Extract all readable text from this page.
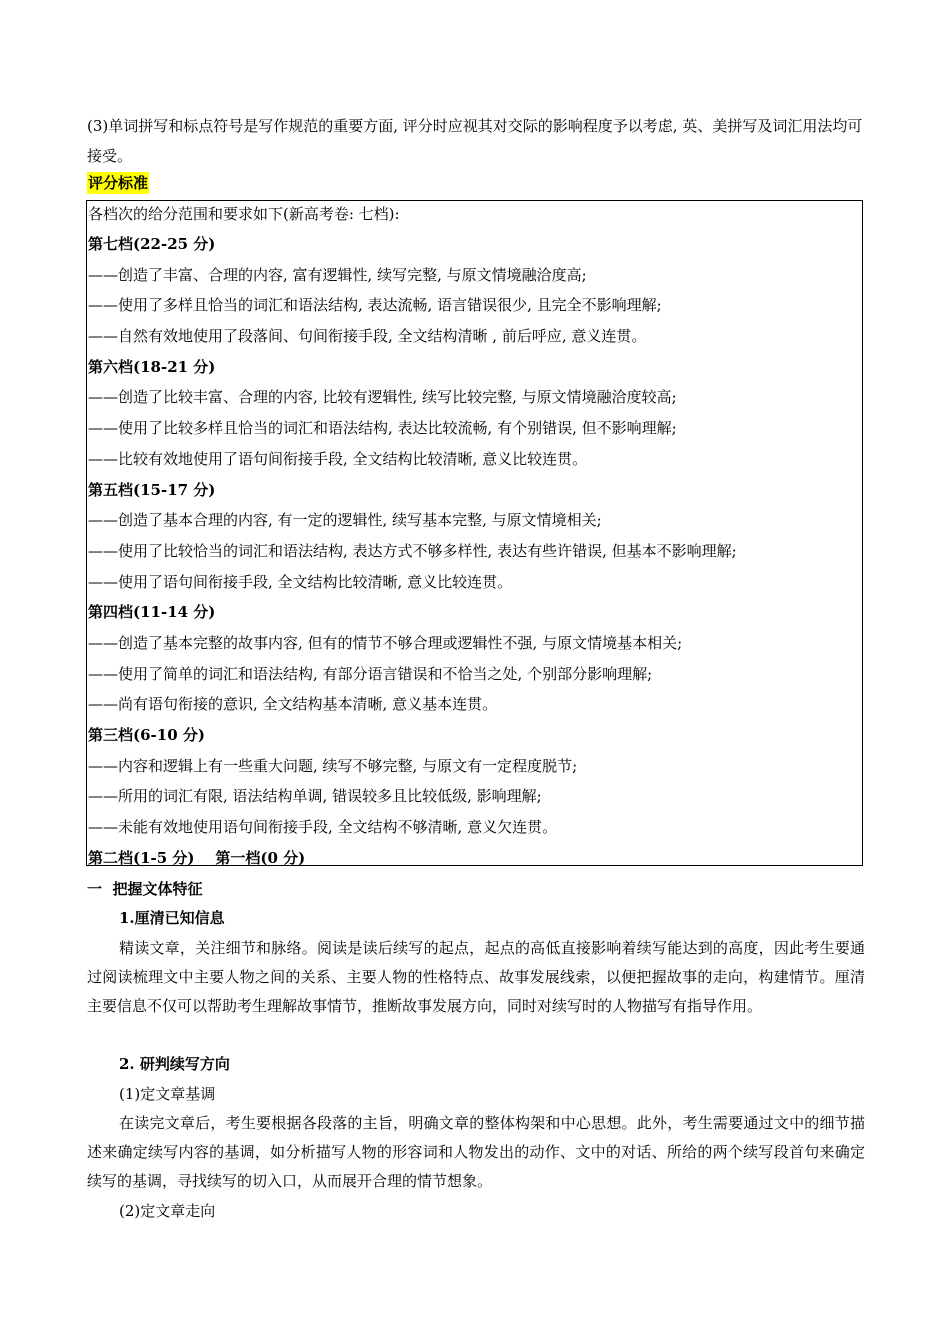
(3)单词拼写和标点符号是写作规范的重要方面, 评分时应视其对交际的影响程度予以考虑, 英、美拼写及词汇用法均可接受。

评分标准
各档次的给分范围和要求如下(新高考卷: 七档):
第七档(22-25 分)
——创造了丰富、合理的内容, 富有逻辑性, 续写完整, 与原文情境融洽度高;
——使用了多样且恰当的词汇和语法结构, 表达流畅, 语言错误很少, 且完全不影响理解;
——自然有效地使用了段落间、句间衔接手段, 全文结构清晰 , 前后呼应, 意义连贯。
第六档(18-21 分)
——创造了比较丰富、合理的内容, 比较有逻辑性, 续写比较完整, 与原文情境融洽度较高;
——使用了比较多样且恰当的词汇和语法结构, 表达比较流畅, 有个别错误, 但不影响理解;
——比较有效地使用了语句间衔接手段, 全文结构比较清晰, 意义比较连贯。
第五档(15-17 分)
——创造了基本合理的内容, 有一定的逻辑性, 续写基本完整, 与原文情境相关;
——使用了比较恰当的词汇和语法结构, 表达方式不够多样性, 表达有些许错误, 但基本不影响理解;
——使用了语句间衔接手段, 全文结构比较清晰, 意义比较连贯。
第四档(11-14 分)
——创造了基本完整的故事内容, 但有的情节不够合理或逻辑性不强, 与原文情境基本相关;
——使用了简单的词汇和语法结构, 有部分语言错误和不恰当之处, 个别部分影响理解;
——尚有语句衔接的意识, 全文结构基本清晰, 意义基本连贯。
第三档(6-10 分)
——内容和逻辑上有一些重大问题, 续写不够完整, 与原文有一定程度脱节;
——所用的词汇有限, 语法结构单调, 错误较多且比较低级, 影响理解;
——未能有效地使用语句间衔接手段, 全文结构不够清晰, 意义欠连贯。
第二档(1-5 分)    第一档(0 分)
一  把握文体特征
1.厘清已知信息

精读文章，关注细节和脉络。阅读是读后续写的起点，起点的高低直接影响着续写能达到的高度，因此考生要通过阅读梳理文中主要人物之间的关系、主要人物的性格特点、故事发展线索，以便把握故事的走向，构建情节。厘清主要信息不仅可以帮助考生理解故事情节，推断故事发展方向，同时对续写时的人物描写有指导作用。

2. 研判续写方向
(1)定文章基调

在读完文章后，考生要根据各段落的主旨，明确文章的整体构架和中心思想。此外，考生需要通过文中的细节描述来确定续写内容的基调，如分析描写人物的形容词和人物发出的动作、文中的对话、所给的两个续写段首句来确定续写的基调，寻找续写的切入口，从而展开合理的情节想象。

(2)定文章走向
